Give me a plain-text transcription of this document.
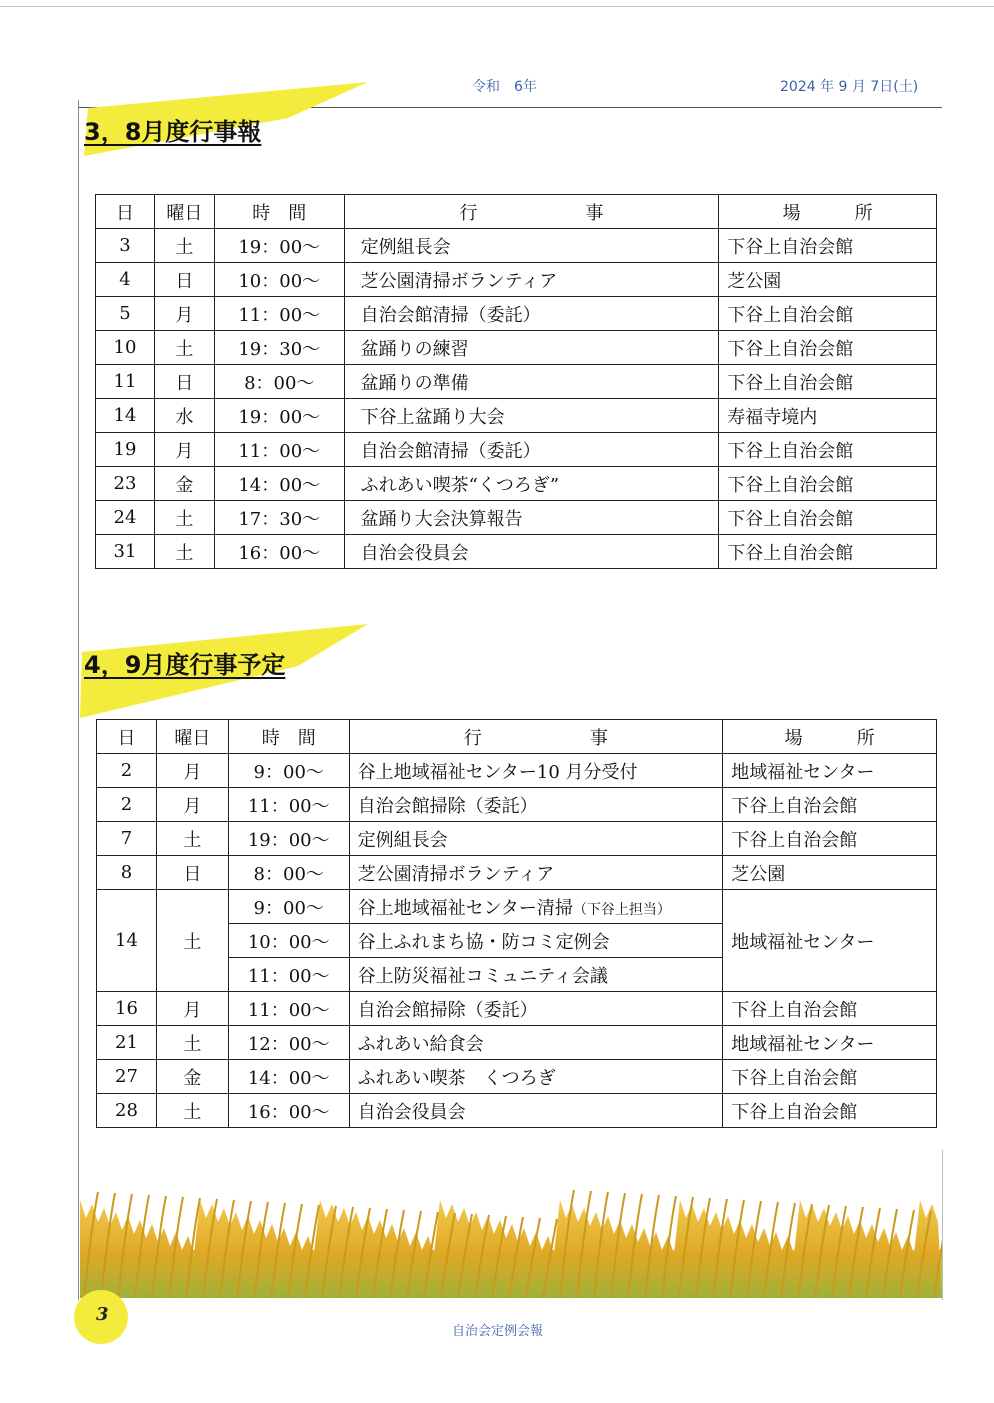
令和　6年	2024 年 9 月 7日(土)
3，8月度行事報
日	曜日	時　間	行　　　　　　事	場　　　所
3	土	19：00～	定例組長会	下谷上自治会館
4	日	10：00～	芝公園清掃ボランティア	芝公園
5	月	11：00～	自治会館清掃（委託）	下谷上自治会館
10	土	19：30～	盆踊りの練習	下谷上自治会館
11	日	8：00～	盆踊りの準備	下谷上自治会館
14	水	19：00～	下谷上盆踊り大会	寿福寺境内
19	月	11：00～	自治会館清掃（委託）	下谷上自治会館
23	金	14：00～	ふれあい喫茶“くつろぎ”	下谷上自治会館
24	土	17：30～	盆踊り大会決算報告	下谷上自治会館
31	土	16：00～	自治会役員会	下谷上自治会館
4，9月度行事予定
日	曜日	時　間	行　　　　　　事	場　　　所
2	月	9：00～	谷上地域福祉センター10 月分受付	地域福祉センター
2	月	11：00～	自治会館掃除（委託）	下谷上自治会館
7	土	19：00～	定例組長会	下谷上自治会館
8	日	8：00～	芝公園清掃ボランティア	芝公園
14	土	9：00～	谷上地域福祉センター清掃（下谷上担当）	地域福祉センター
		10：00～	谷上ふれまち協・防コミ定例会	
		11：00～	谷上防災福祉コミュニティ会議	
16	月	11：00～	自治会館掃除（委託）	下谷上自治会館
21	土	12：00～	ふれあい給食会	地域福祉センター
27	金	14：00～	ふれあい喫茶　くつろぎ	下谷上自治会館
28	土	16：00～	自治会役員会	下谷上自治会館
3
自治会定例会報
